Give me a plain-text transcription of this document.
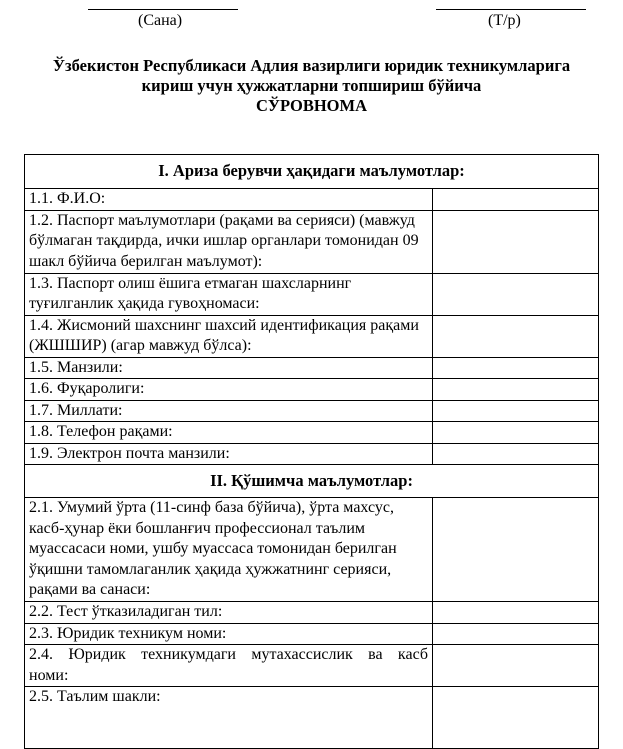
(Сана)	(Т/р)
Ўзбекистон Республикаси Адлия вазирлиги юридик техникумларига
кириш учун ҳужжатларни топшириш бўйича
СЎРОВНОМА
I. Ариза берувчи ҳақидаги маълумотлар:	
1.1. Ф.И.О:	
1.2. Паспорт маълумотлари (рақами ва серияси) (мавжуд бўлмаган тақдирда, ички ишлар органлари томонидан 09 шакл бўйича берилган маълумот):	
1.3. Паспорт олиш ёшига етмаган шахсларнинг туғилганлик ҳақида гувоҳномаси:	
1.4. Жисмоний шахснинг шахсий идентификация рақами (ЖШШИР) (агар мавжуд бўлса):	
1.5. Манзили:	
1.6. Фуқаролиги:	
1.7. Миллати:	
1.8. Телефон рақами:	
1.9. Электрон почта манзили:	
II. Қўшимча маълумотлар:	
2.1. Умумий ўрта (11-синф база бўйича), ўрта махсус, касб-ҳунар ёки бошланғич профессионал таълим муассасаси номи, ушбу муассаса томонидан берилган ўқишни тамомлаганлик ҳақида ҳужжатнинг серияси, рақами ва санаси:	
2.2. Тест ўтказиладиган тил:	
2.3. Юридик техникум номи:	
2.4. Юридик техникумдаги мутахассислик ва касб
номи:	

2.5. Таълим шакли:	
